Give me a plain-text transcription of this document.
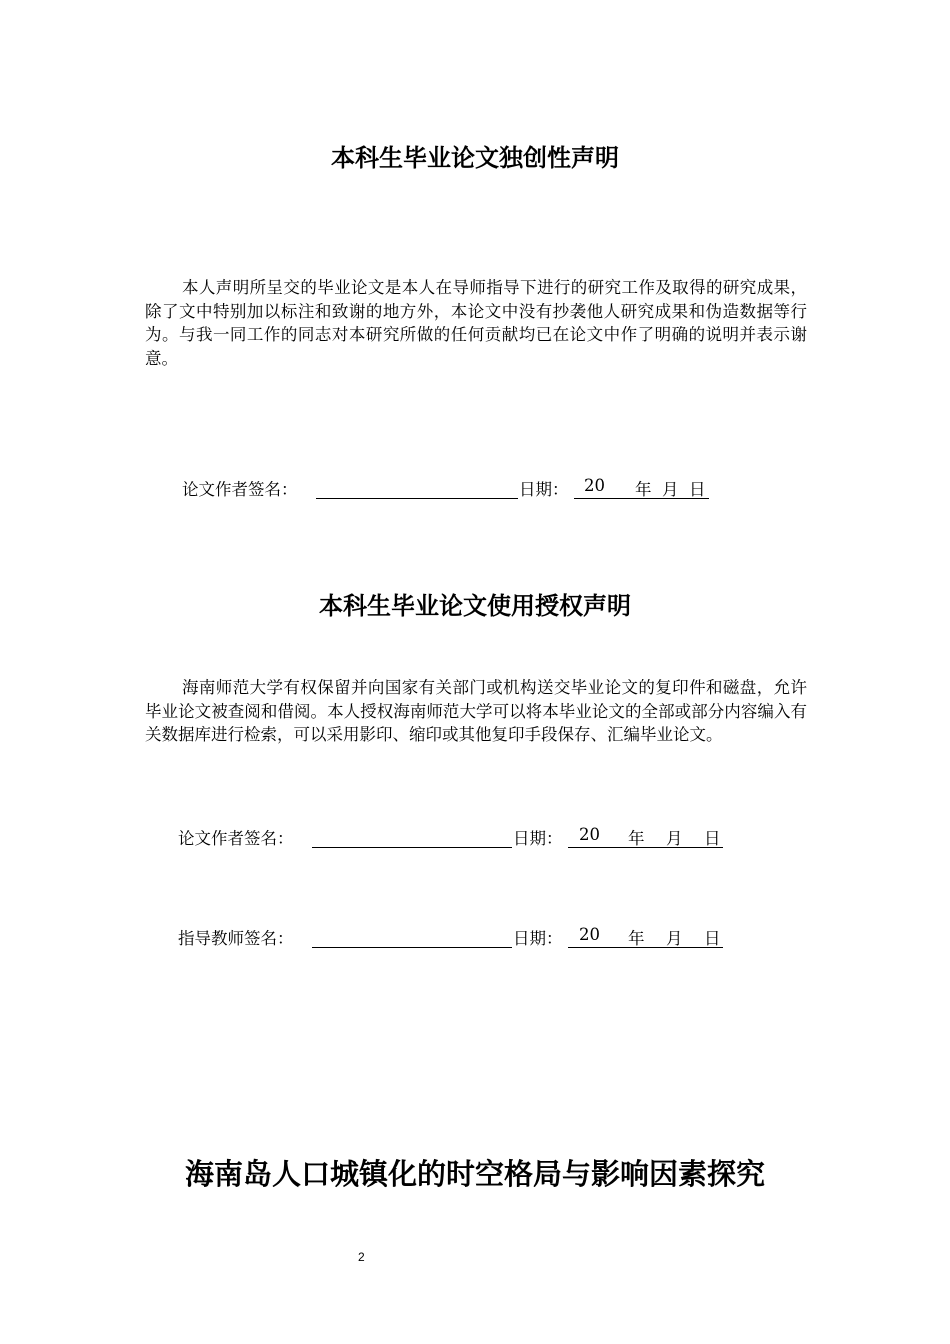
本科生毕业论文独创性声明
本人声明所呈交的毕业论文是本人在导师指导下进行的研究工作及取得的研究成果，除了文中特别加以标注和致谢的地方外，本论文中没有抄袭他人研究成果和伪造数据等行为。与我一同工作的同志对本研究所做的任何贡献均已在论文中作了明确的说明并表示谢意。
论文作者签名：	日期： 20 年 月 日
本科生毕业论文使用授权声明
海南师范大学有权保留并向国家有关部门或机构送交毕业论文的复印件和磁盘，允许毕业论文被查阅和借阅。本人授权海南师范大学可以将本毕业论文的全部或部分内容编入有关数据库进行检索，可以采用影印、缩印或其他复印手段保存、汇编毕业论文。
论文作者签名：	日期： 20 年 月 日
指导教师签名：	日期： 20 年 月 日
海南岛人口城镇化的时空格局与影响因素探究
2
